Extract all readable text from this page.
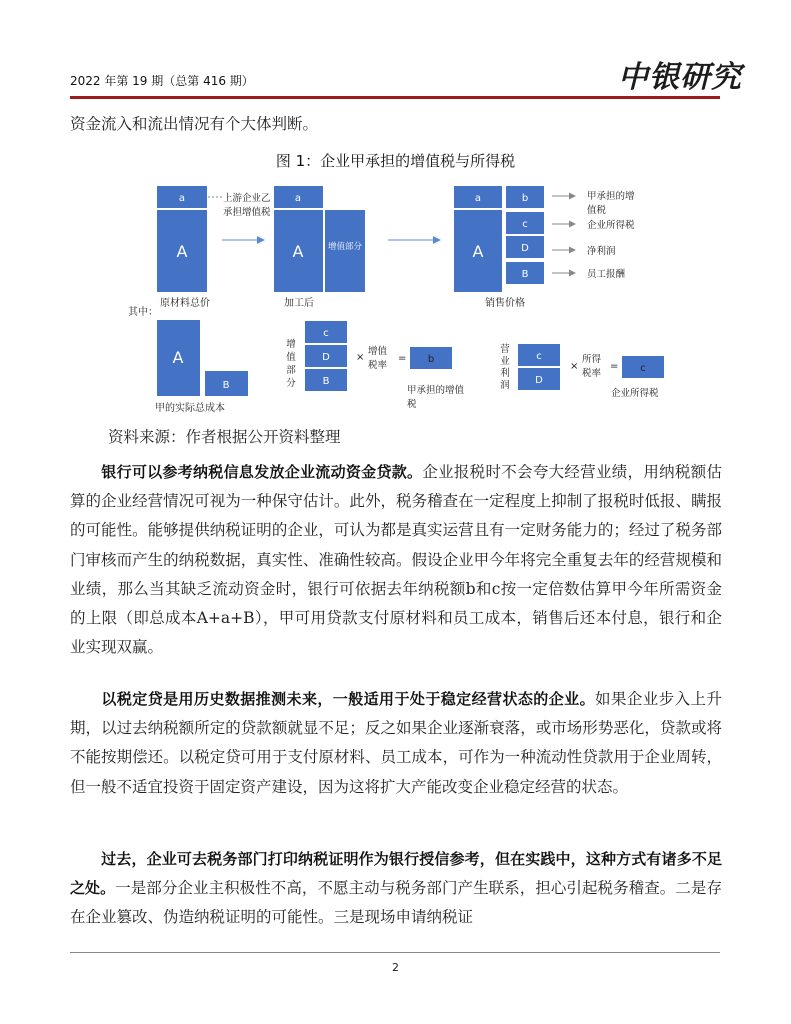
2022 年第 19 期（总第 416 期）	中银研究
资金流入和流出情况有个大体判断。
图 1：企业甲承担的增值税与所得税
a
A
原材料总价
上游企业乙
承担增值税
a
A	增值部分
加工后
a
A
b
c
D
B
销售价格
甲承担的增
值税
企业所得税
净利润
员工报酬
其中：
A
B
甲的实际总成本
增
值
部
分
c
D
B
×
增值
税率
= b
甲承担的增值
税
营
业
利
润
c
D
×
所得
税率
= c
企业所得税
资料来源：作者根据公开资料整理

  银行可以参考纳税信息发放企业流动资金贷款。企业报税时不会夸大经营业绩，用纳税额估算的企业经营情况可视为一种保守估计。此外，税务稽查在一定程度上抑制了报税时低报、瞒报的可能性。能够提供纳税证明的企业，可认为都是真实运营且有一定财务能力的；经过了税务部门审核而产生的纳税数据，真实性、准确性较高。假设企业甲今年将完全重复去年的经营规模和业绩，那么当其缺乏流动资金时，银行可依据去年纳税额b和c按一定倍数估算甲今年所需资金的上限（即总成本A+a+B），甲可用贷款支付原材料和员工成本，销售后还本付息，银行和企业实现双赢。

  以税定贷是用历史数据推测未来，一般适用于处于稳定经营状态的企业。如果企业步入上升期，以过去纳税额所定的贷款额就显不足；反之如果企业逐渐衰落，或市场形势恶化，贷款或将不能按期偿还。以税定贷可用于支付原材料、员工成本，可作为一种流动性贷款用于企业周转，但一般不适宜投资于固定资产建设，因为这将扩大产能改变企业稳定经营的状态。

  过去，企业可去税务部门打印纳税证明作为银行授信参考，但在实践中，这种方式有诸多不足之处。一是部分企业主积极性不高，不愿主动与税务部门产生联系，担心引起税务稽查。二是存在企业篡改、伪造纳税证明的可能性。三是现场申请纳税证

2
